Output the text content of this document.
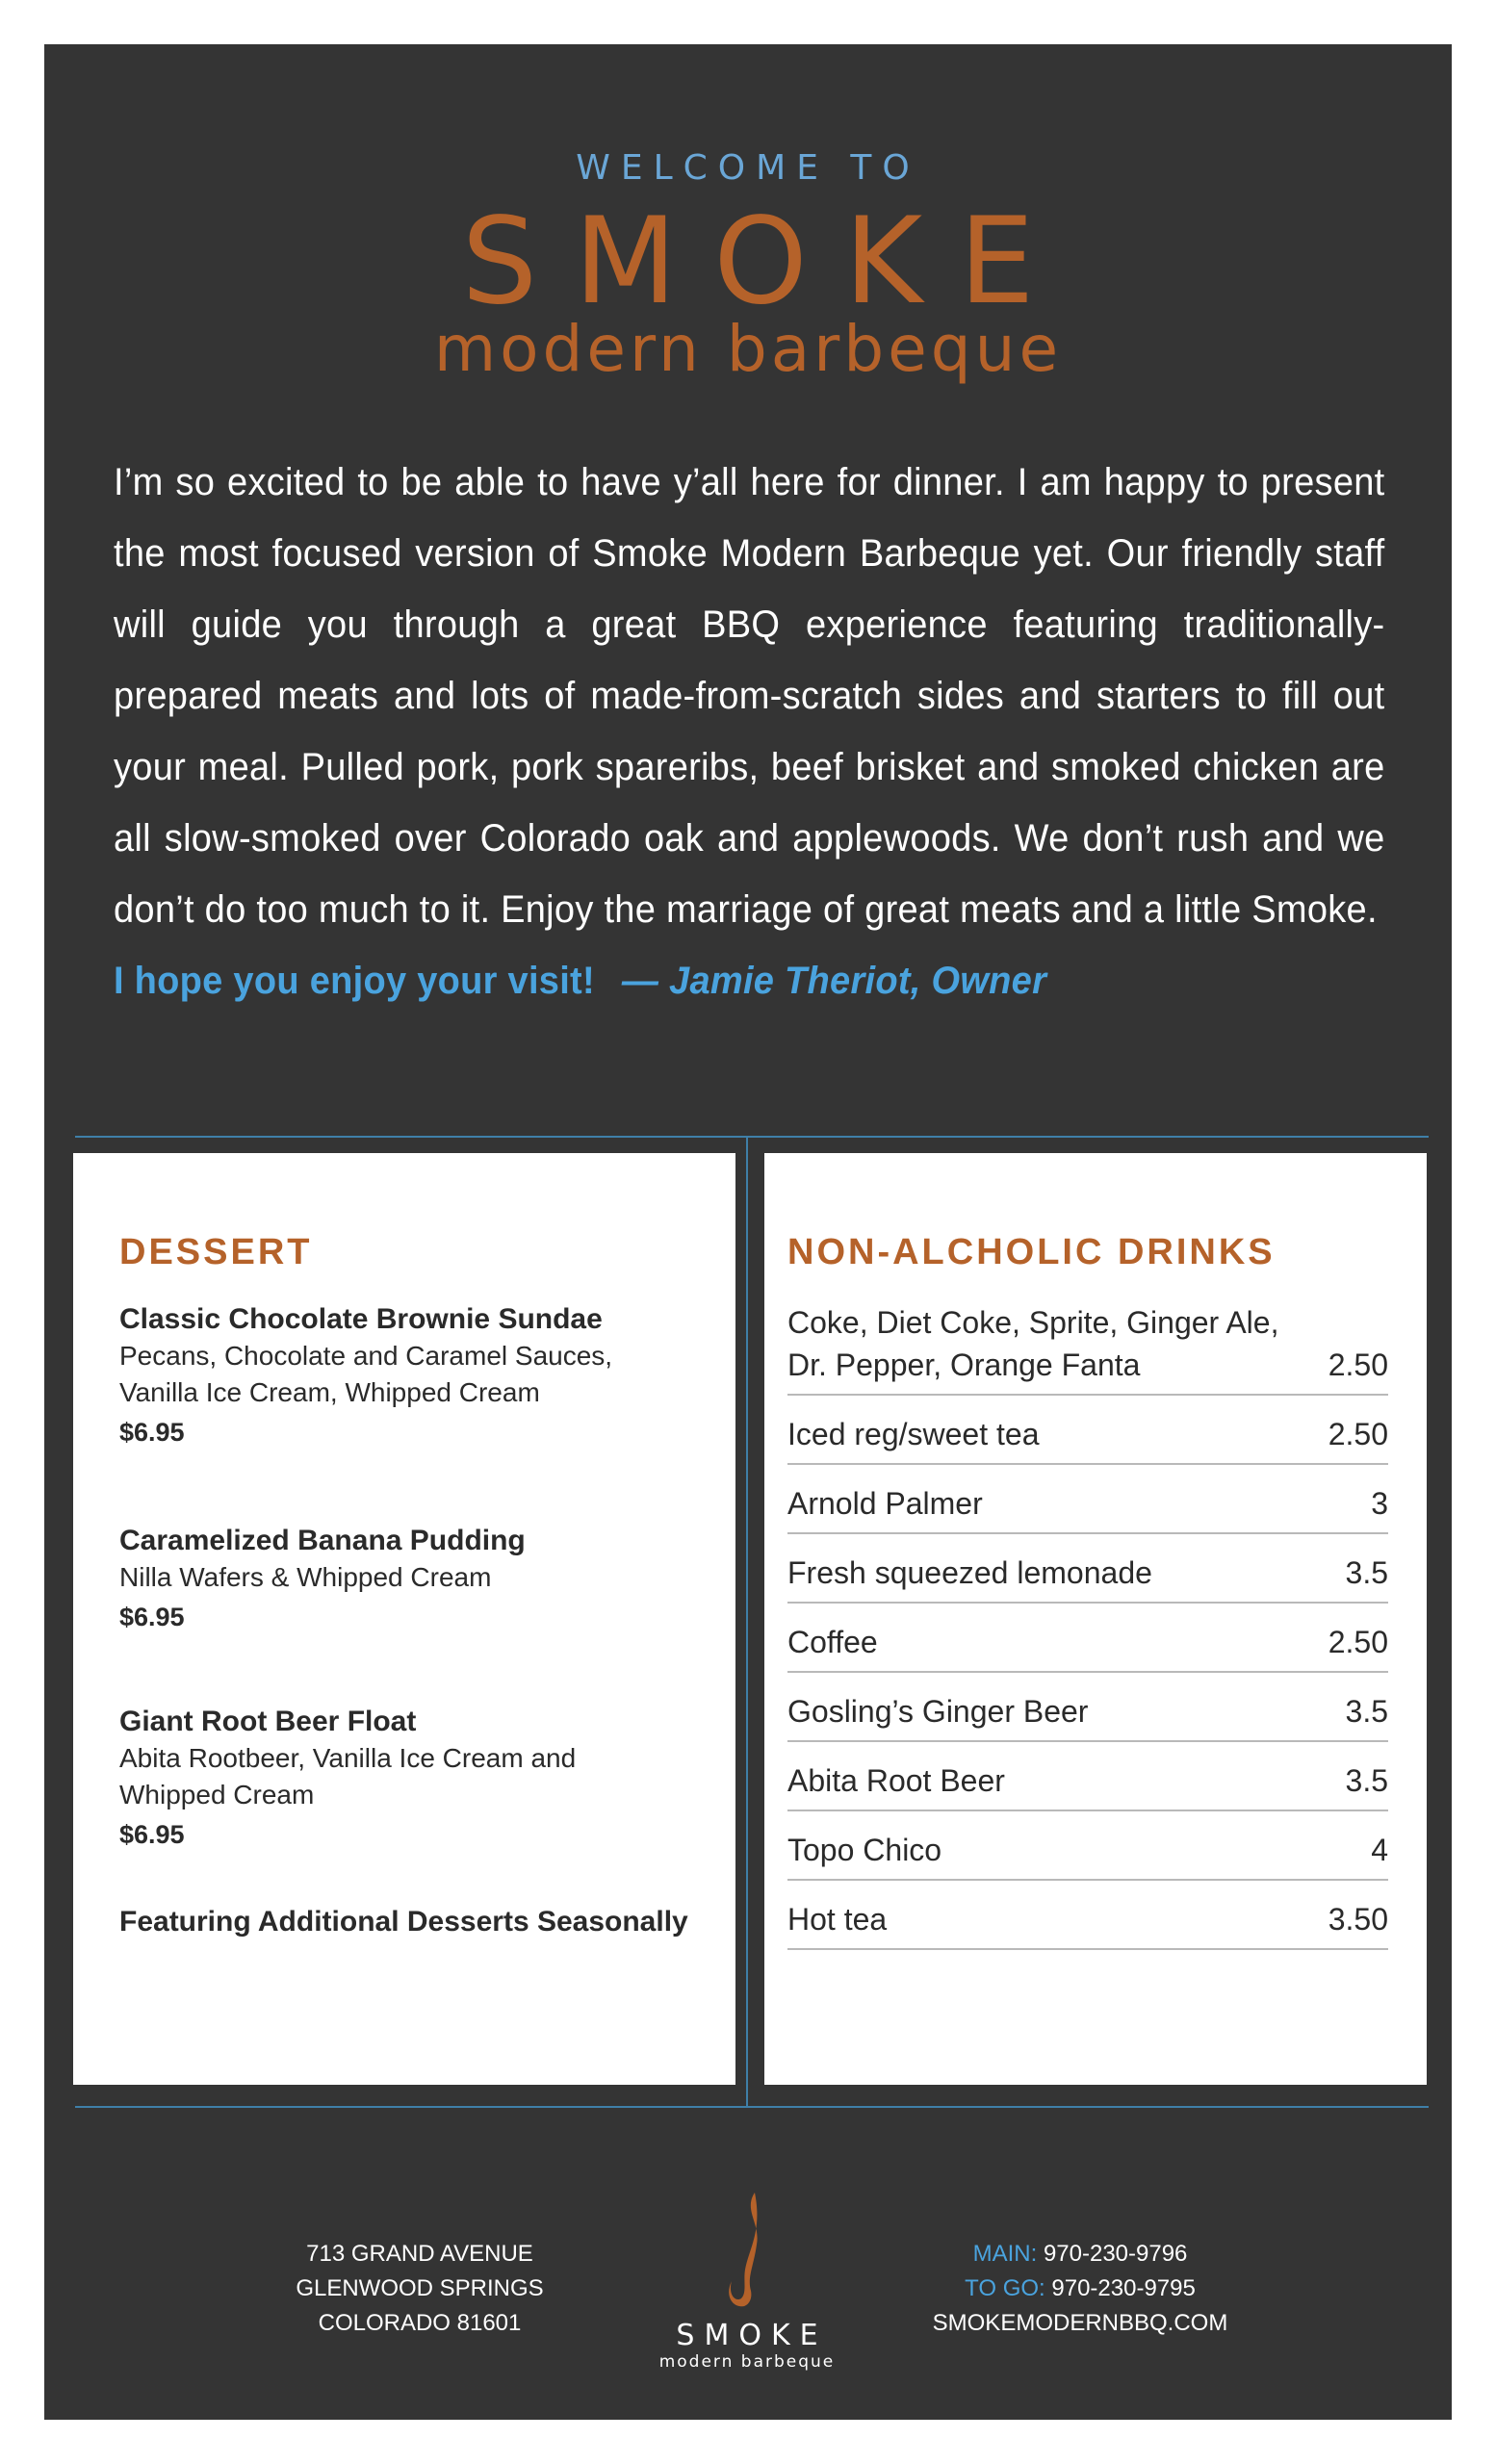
WELCOME TO
SMOKE
modern barbeque

I’m so excited to be able to have y’all here for dinner. I am happy to present the most focused version of Smoke Modern Barbeque yet. Our friendly staff will guide you through a great BBQ experience featuring traditionally-prepared meats and lots of made-from-scratch sides and starters to fill out your meal. Pulled pork, pork spareribs, beef brisket and smoked chicken are all slow-smoked over Colorado oak and applewoods. We don’t rush and we don’t do too much to it. Enjoy the marriage of great meats and a little Smoke.
I hope you enjoy your visit! — Jamie Theriot, Owner

DESSERT
Classic Chocolate Brownie Sundae
Pecans, Chocolate and Caramel Sauces,
Vanilla Ice Cream, Whipped Cream
$6.95
Caramelized Banana Pudding
Nilla Wafers & Whipped Cream
$6.95
Giant Root Beer Float
Abita Rootbeer, Vanilla Ice Cream and
Whipped Cream
$6.95
Featuring Additional Desserts Seasonally
NON-ALCHOLIC DRINKS
Coke, Diet Coke, Sprite, Ginger Ale, Dr. Pepper, Orange Fanta	2.50
Iced reg/sweet tea	2.50
Arnold Palmer	3
Fresh squeezed lemonade	3.5
Coffee	2.50
Gosling’s Ginger Beer	3.5
Abita Root Beer	3.5
Topo Chico	4
Hot tea	3.50
713 GRAND AVENUE
GLENWOOD SPRINGS
COLORADO 81601	SMOKE
modern barbeque
MAIN: 970-230-9796
TO GO: 970-230-9795
SMOKEMODERNBBQ.COM
